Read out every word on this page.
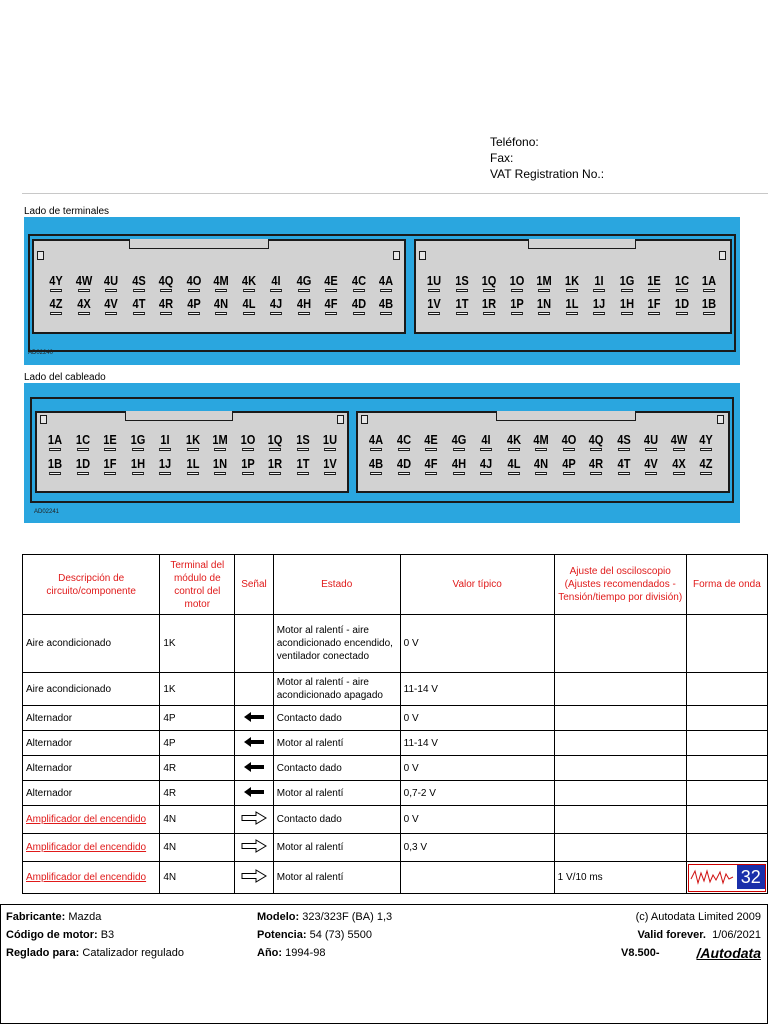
Teléfono:
Fax:
VAT Registration No.:
Lado de terminales
4Y 4W 4U	4S	4Q 4O 4M 4K	4I	4G	4E	4C	4A
4Z	4X	4V	4T	4R	4P	4N	4L	4J	4H	4F	4D	4B
1U	1S	1Q 1O 1M 1K	1I	1G	1E	1C	1A
1V	1T	1R	1P	1N	1L	1J	1H	1F	1D	1B
AD02240
Lado del cableado
1A	1C	1E	1G	1I	1K 1M 1O 1Q	1S	1U
1B	1D	1F	1H	1J	1L	1N	1P	1R	1T	1V
4A	4C	4E	4G	4I	4K 4M 4O 4Q	4S	4U 4W 4Y
4B	4D	4F	4H	4J	4L	4N	4P	4R	4T	4V	4X	4Z
AD02241
Descripción de circuito/componente	Terminal del módulo de control del motor	Señal	Estado	Valor típico	Ajuste del osciloscopio (Ajustes recomendados - Tensión/tiempo por división)	Forma de onda
Aire acondicionado	1K		Motor al ralentí - aire acondicionado encendido, ventilador conectado	0 V		
Aire acondicionado	1K		Motor al ralentí - aire acondicionado apagado	11-14 V		
Alternador	4P		Contacto dado	0 V		
Alternador	4P		Motor al ralentí	11-14 V		
Alternador	4R		Contacto dado	0 V		
Alternador	4R		Motor al ralentí	0,7-2 V		
Amplificador del encendido	4N		Contacto dado	0 V		
Amplificador del encendido	4N		Motor al ralentí	0,3 V		
Amplificador del encendido	4N		Motor al ralentí		1 V/10 ms	32
Fabricante: Mazda
Código de motor: B3
Reglado para: Catalizador regulado
Modelo: 323/323F (BA) 1,3
Potencia: 54 (73) 5500
Año: 1994-98
(c) Autodata Limited 2009
Valid forever. 1/06/2021
V8.500-	/Autodata
